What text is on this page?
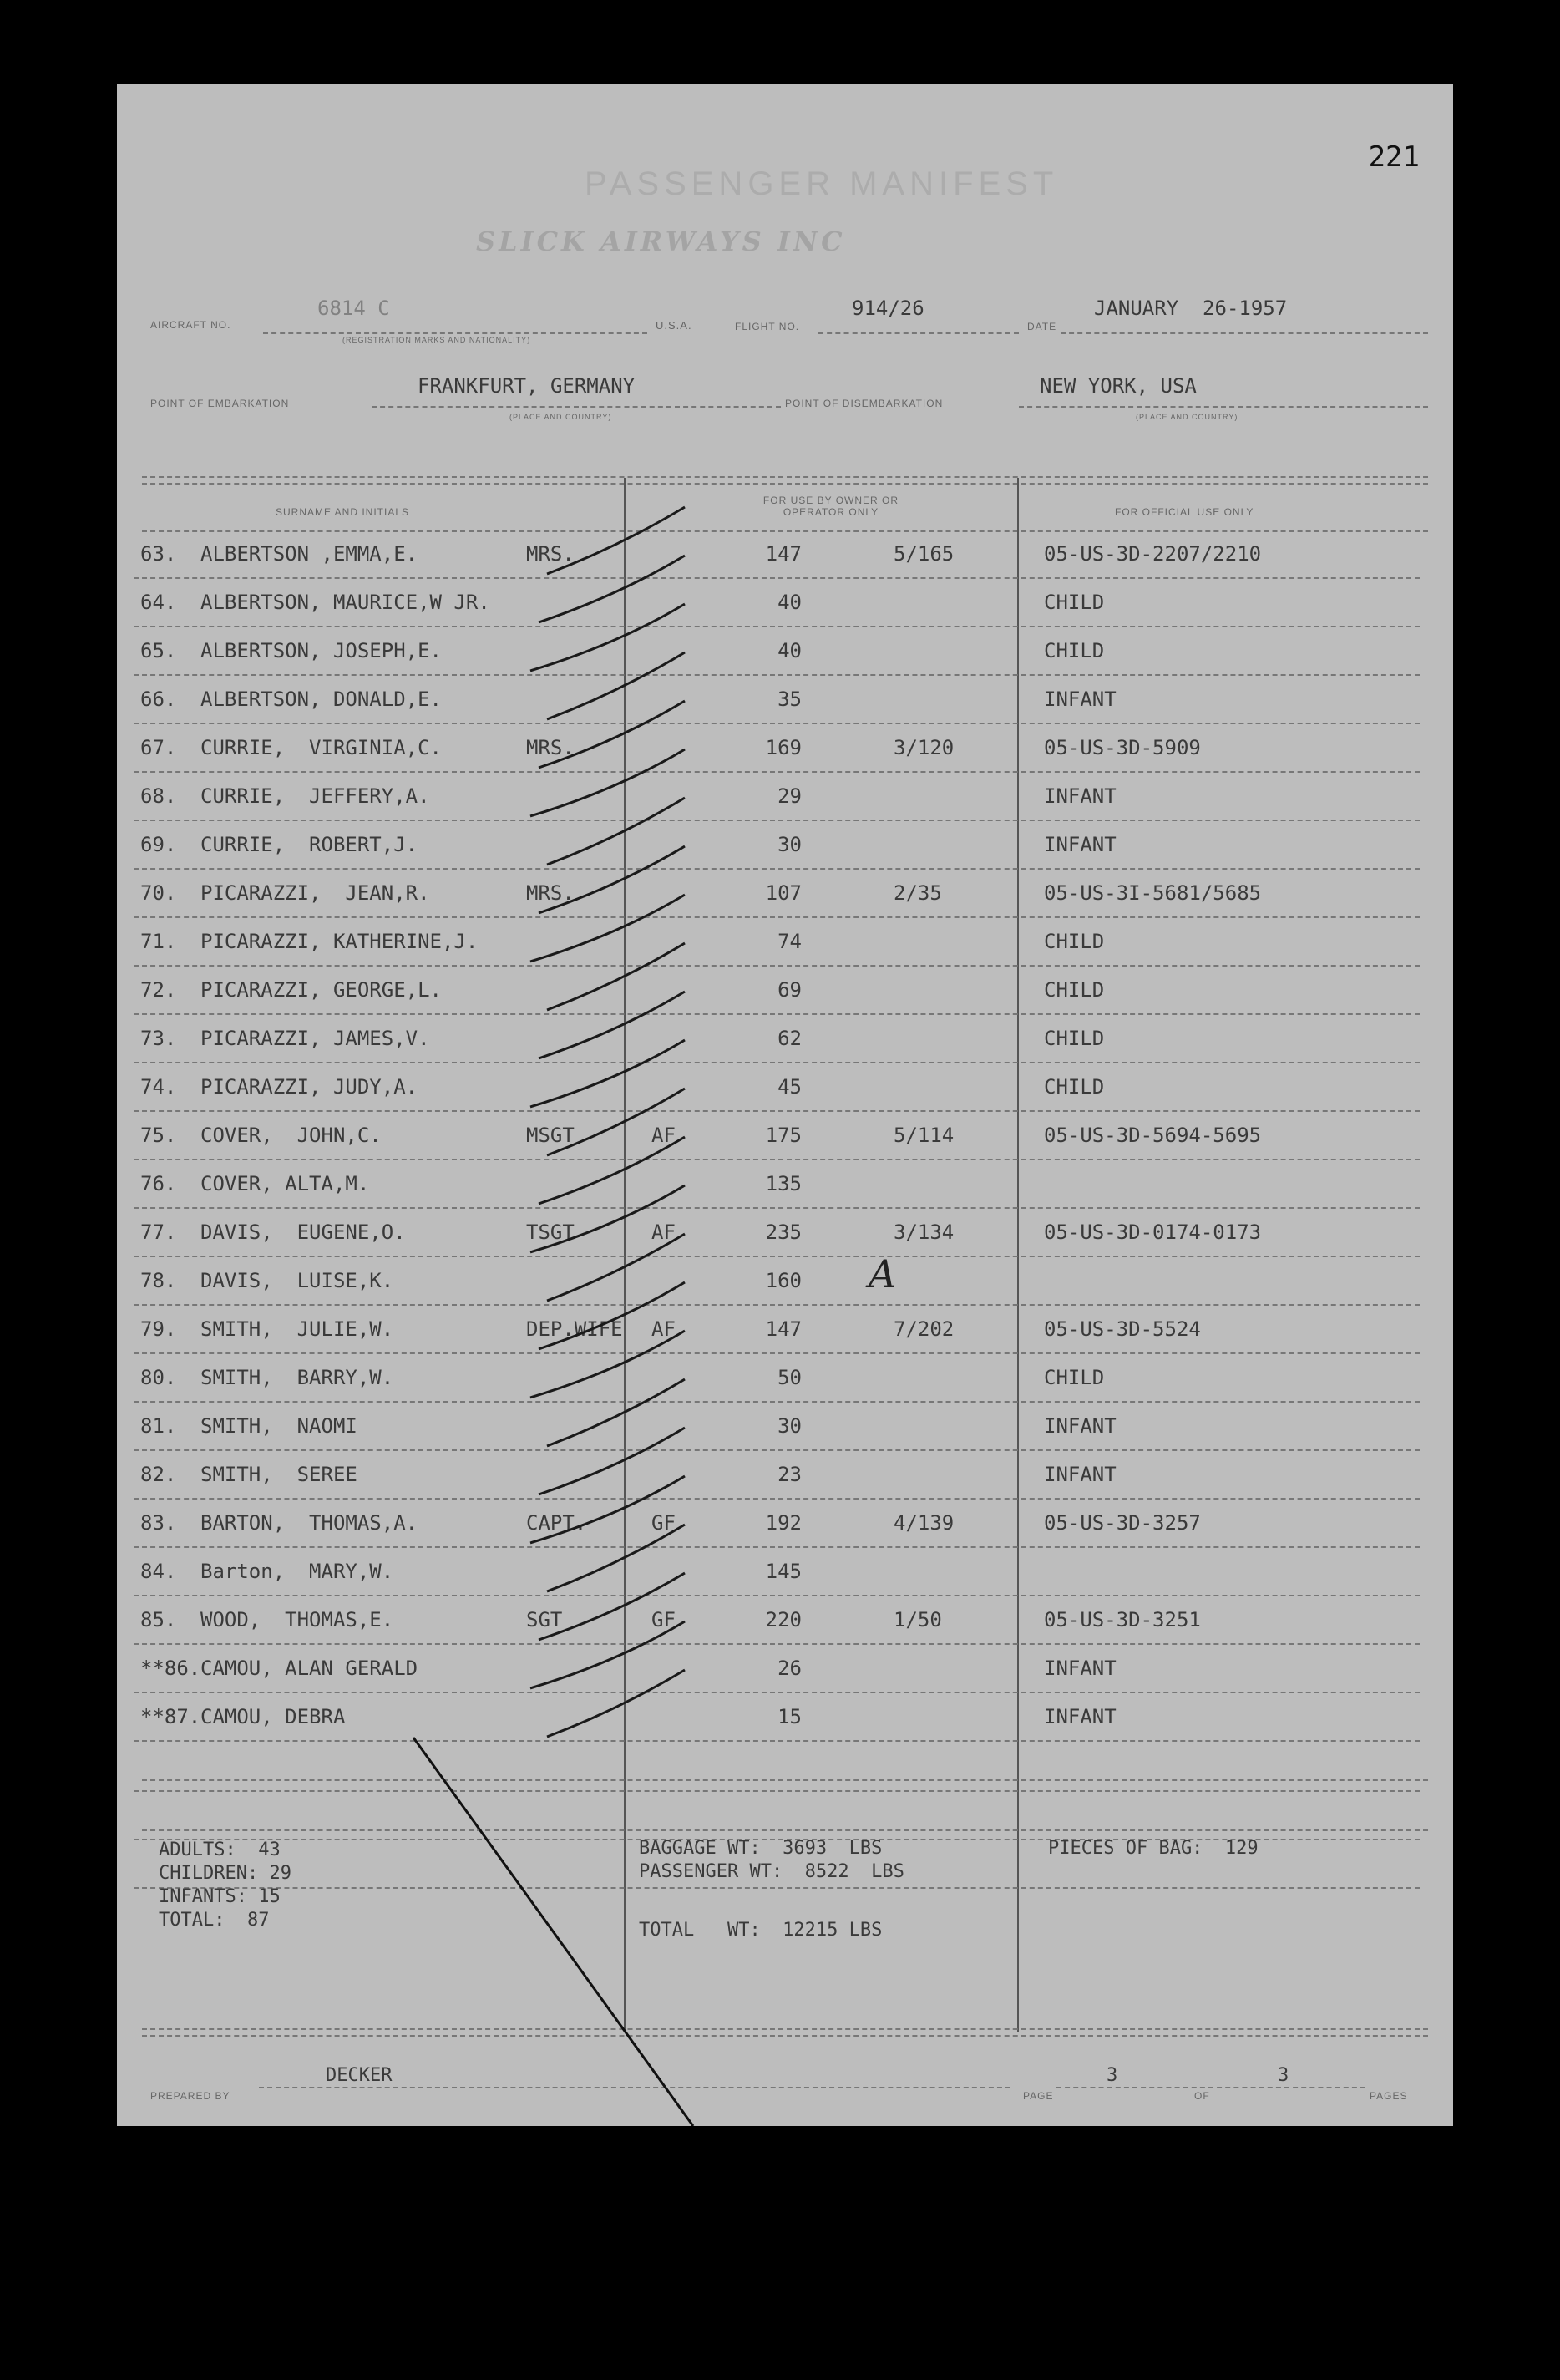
221
PASSENGER MANIFEST
SLICK AIRWAYS INC
AIRCRAFT NO.
6814 C
(REGISTRATION MARKS AND NATIONALITY)
U.S.A.	FLIGHT NO.
914/26
DATE
JANUARY  26-1957
POINT OF EMBARKATION
FRANKFURT, GERMANY
(PLACE AND COUNTRY)
POINT OF DISEMBARKATION
NEW YORK, USA
(PLACE AND COUNTRY)
SURNAME AND INITIALS
FOR USE BY OWNER OR OPERATOR ONLY	FOR OFFICIAL USE ONLY
63. ALBERTSON ,EMMA,E.	MRS.	147	5/165	05-US-3D-2207/2210
64. ALBERTSON, MAURICE,W JR.	40	CHILD
65. ALBERTSON, JOSEPH,E.	40	CHILD
66. ALBERTSON, DONALD,E.	35	INFANT
67. CURRIE,  VIRGINIA,C.	MRS.	169	3/120	05-US-3D-5909
68. CURRIE,  JEFFERY,A.	29	INFANT
69. CURRIE,  ROBERT,J.	30	INFANT
70. PICARAZZI,  JEAN,R.	MRS.	107	2/35	05-US-3I-5681/5685
71. PICARAZZI, KATHERINE,J.	74	CHILD
72. PICARAZZI, GEORGE,L.	69	CHILD
73. PICARAZZI, JAMES,V.	62	CHILD
74. PICARAZZI, JUDY,A.	45	CHILD
75. COVER,  JOHN,C.	MSGT	AF	175	5/114	05-US-3D-5694-5695
76. COVER, ALTA,M.	135
77. DAVIS,  EUGENE,O.	TSGT	AF	235	3/134	05-US-3D-0174-0173
78. DAVIS,  LUISE,K.	160
79. SMITH,  JULIE,W.	DEP.WIFE AF	147	7/202	05-US-3D-5524
80. SMITH,  BARRY,W.	50	CHILD
81. SMITH,  NAOMI	30	INFANT
82. SMITH,  SEREE	23	INFANT
83. BARTON,  THOMAS,A.	CAPT.	GF	192	4/139	05-US-3D-3257
84. Barton,  MARY,W.	145
85. WOOD,  THOMAS,E.	SGT	GF	220	1/50	05-US-3D-3251
**86. CAMOU, ALAN GERALD	26	INFANT
**87. CAMOU, DEBRA	15	INFANT
A
ADULTS:  43
CHILDREN: 29
INFANTS: 15
TOTAL:  87
BAGGAGE WT:  3693  LBS
PASSENGER WT:  8522  LBS
TOTAL   WT:  12215 LBS
PIECES OF BAG:  129
PREPARED BY
DECKER
PAGE
3
OF
3
PAGES
